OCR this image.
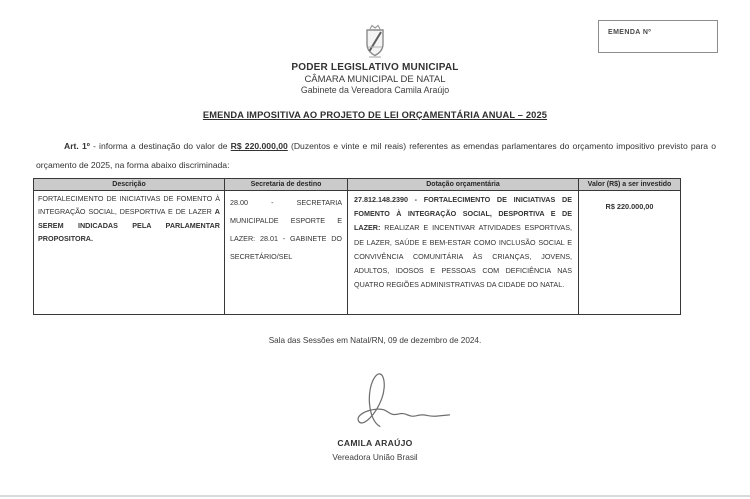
EMENDA Nº
PODER LEGISLATIVO MUNICIPAL
CÂMARA MUNICIPAL DE NATAL
Gabinete da Vereadora Camila Araújo
EMENDA IMPOSITIVA AO PROJETO DE LEI ORÇAMENTÁRIA ANUAL – 2025

Art. 1º - informa a destinação do valor de R$ 220.000,00 (Duzentos e vinte e mil reais) referentes as emendas parlamentares do orçamento impositivo previsto para o orçamento de 2025, na forma abaixo discriminada:

Descrição	Secretaria de destino	Dotação orçamentária	Valor (R$) a ser investido
FORTALECIMENTO DE INICIATIVAS DE FOMENTO À INTEGRAÇÃO SOCIAL, DESPORTIVA E DE LAZER A SEREM INDICADAS PELA PARLAMENTAR PROPOSITORA.	28.00 - SECRETARIA MUNICIPALDE ESPORTE E LAZER: 28.01 - GABINETE DO SECRETÁRIO/SEL	27.812.148.2390 - FORTALECIMENTO DE INICIATIVAS DE FOMENTO À INTEGRAÇÃO SOCIAL, DESPORTIVA E DE LAZER: REALIZAR E INCENTIVAR ATIVIDADES ESPORTIVAS, DE LAZER, SAÚDE E BEM-ESTAR COMO INCLUSÃO SOCIAL E CONVIVÊNCIA COMUNITÁRIA ÀS CRIANÇAS, JOVENS, ADULTOS, IDOSOS E PESSOAS COM DEFICIÊNCIA NAS QUATRO REGIÕES ADMINISTRATIVAS DA CIDADE DO NATAL.	R$ 220.000,00
Sala das Sessões em Natal/RN, 09 de dezembro de 2024.
CAMILA ARAÚJO
Vereadora União Brasil
